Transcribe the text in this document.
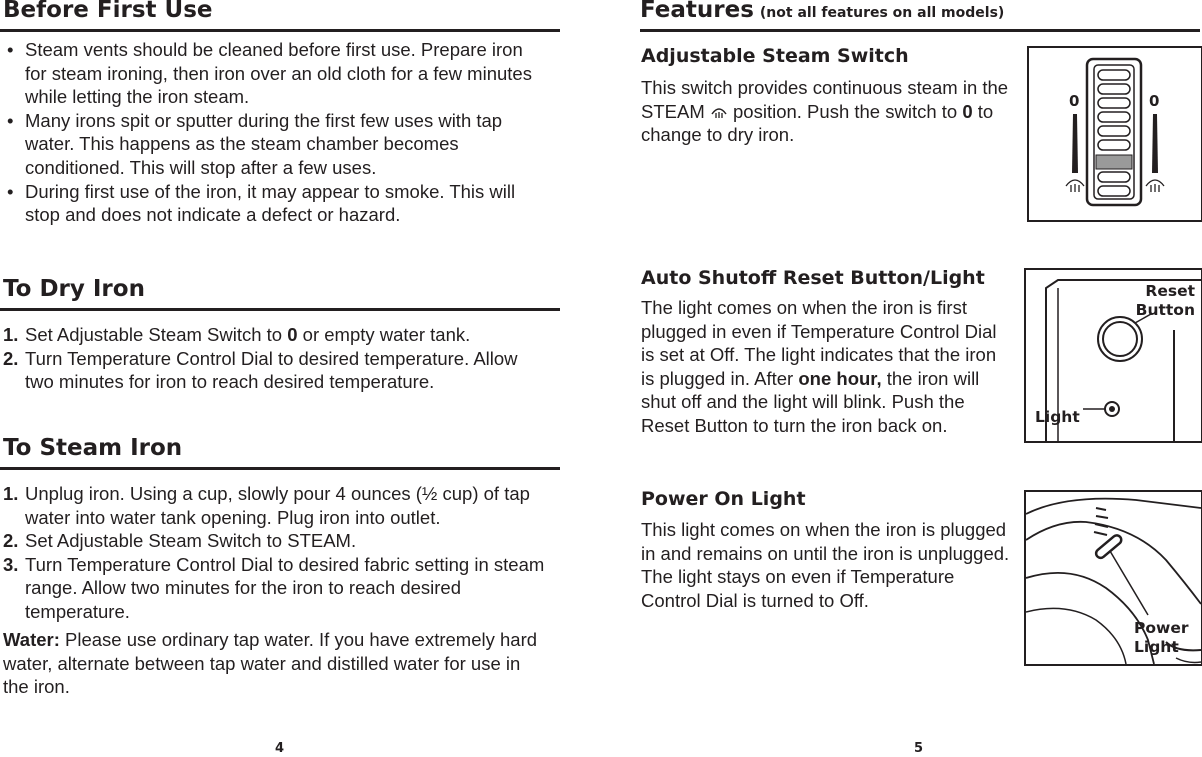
Before First Use
• Steam vents should be cleaned before first use. Prepare iron for steam ironing, then iron over an old cloth for a few minutes while letting the iron steam.
• Many irons spit or sputter during the first few uses with tap water. This happens as the steam chamber becomes conditioned. This will stop after a few uses.
• During first use of the iron, it may appear to smoke. This will stop and does not indicate a defect or hazard.
To Dry Iron
1. Set Adjustable Steam Switch to 0 or empty water tank.
2. Turn Temperature Control Dial to desired temperature. Allow two minutes for iron to reach desired temperature.
To Steam Iron
1. Unplug iron. Using a cup, slowly pour 4 ounces (½ cup) of tap water into water tank opening. Plug iron into outlet.
2. Set Adjustable Steam Switch to STEAM.
3. Turn Temperature Control Dial to desired fabric setting in steam range. Allow two minutes for the iron to reach desired temperature.
Water: Please use ordinary tap water. If you have extremely hard water, alternate between tap water and distilled water for use in the iron.
4
Features (not all features on all models)
Adjustable Steam Switch
This switch provides continuous steam in the STEAM  position. Push the switch to 0 to change to dry iron.
0	0
Auto Shutoff Reset Button/Light
The light comes on when the iron is first plugged in even if Temperature Control Dial is set at Off. The light indicates that the iron is plugged in. After one hour, the iron will shut off and the light will blink. Push the Reset Button to turn the iron back on.
Reset
Button
Light
Power On Light
This light comes on when the iron is plugged in and remains on until the iron is unplugged. The light stays on even if Temperature Control Dial is turned to Off.
Power
Light
5
